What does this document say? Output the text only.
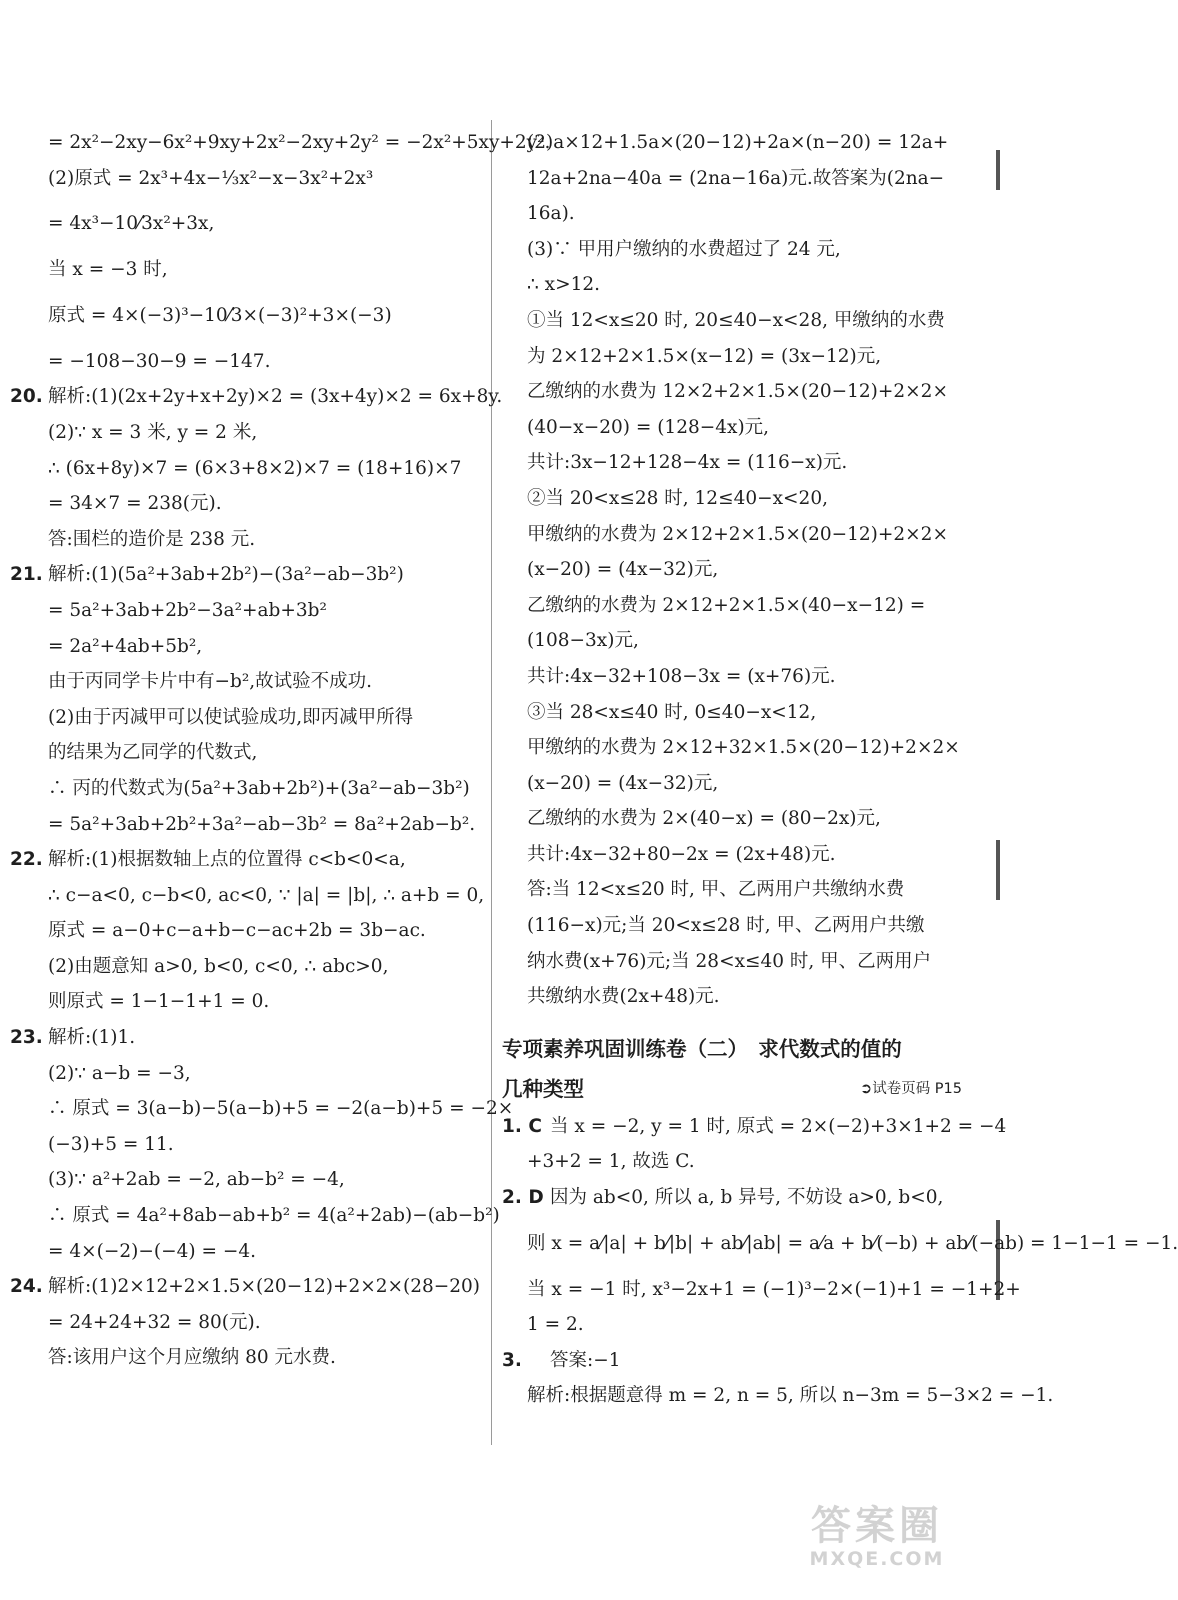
= 2x²−2xy−6x²+9xy+2x²−2xy+2y² = −2x²+5xy+2y².
(2)原式 = 2x³+4x−⅓x²−x−3x²+2x³
= 4x³−10⁄3x²+3x,
当 x = −3 时,
原式 = 4×(−3)³−10⁄3×(−3)²+3×(−3)
= −108−30−9 = −147.
20. 解析:(1)(2x+2y+x+2y)×2 = (3x+4y)×2 = 6x+8y.
(2)∵ x = 3 米, y = 2 米,
∴ (6x+8y)×7 = (6×3+8×2)×7 = (18+16)×7
= 34×7 = 238(元).
答:围栏的造价是 238 元.
21. 解析:(1)(5a²+3ab+2b²)−(3a²−ab−3b²)
= 5a²+3ab+2b²−3a²+ab+3b²
= 2a²+4ab+5b²,
由于丙同学卡片中有−b²,故试验不成功.
(2)由于丙减甲可以使试验成功,即丙减甲所得
的结果为乙同学的代数式,
∴ 丙的代数式为(5a²+3ab+2b²)+(3a²−ab−3b²)
= 5a²+3ab+2b²+3a²−ab−3b² = 8a²+2ab−b².
22. 解析:(1)根据数轴上点的位置得 c<b<0<a,
∴ c−a<0, c−b<0, ac<0, ∵ |a| = |b|, ∴ a+b = 0,
原式 = a−0+c−a+b−c−ac+2b = 3b−ac.
(2)由题意知 a>0, b<0, c<0, ∴ abc>0,
则原式 = 1−1−1+1 = 0.
23. 解析:(1)1.
(2)∵ a−b = −3,
∴ 原式 = 3(a−b)−5(a−b)+5 = −2(a−b)+5 = −2×
(−3)+5 = 11.
(3)∵ a²+2ab = −2, ab−b² = −4,
∴ 原式 = 4a²+8ab−ab+b² = 4(a²+2ab)−(ab−b²)
= 4×(−2)−(−4) = −4.
24. 解析:(1)2×12+2×1.5×(20−12)+2×2×(28−20)
= 24+24+32 = 80(元).
答:该用户这个月应缴纳 80 元水费.
(2)a×12+1.5a×(20−12)+2a×(n−20) = 12a+
12a+2na−40a = (2na−16a)元.故答案为(2na−
16a).
(3)∵ 甲用户缴纳的水费超过了 24 元,
∴ x>12.
①当 12<x≤20 时, 20≤40−x<28, 甲缴纳的水费
为 2×12+2×1.5×(x−12) = (3x−12)元,
乙缴纳的水费为 12×2+2×1.5×(20−12)+2×2×
(40−x−20) = (128−4x)元,
共计:3x−12+128−4x = (116−x)元.
②当 20<x≤28 时, 12≤40−x<20,
甲缴纳的水费为 2×12+2×1.5×(20−12)+2×2×
(x−20) = (4x−32)元,
乙缴纳的水费为 2×12+2×1.5×(40−x−12) =
(108−3x)元,
共计:4x−32+108−3x = (x+76)元.
③当 28<x≤40 时, 0≤40−x<12,
甲缴纳的水费为 2×12+32×1.5×(20−12)+2×2×
(x−20) = (4x−32)元,
乙缴纳的水费为 2×(40−x) = (80−2x)元,
共计:4x−32+80−2x = (2x+48)元.
答:当 12<x≤20 时, 甲、乙两用户共缴纳水费
(116−x)元;当 20<x≤28 时, 甲、乙两用户共缴
纳水费(x+76)元;当 28<x≤40 时, 甲、乙两用户
共缴纳水费(2x+48)元.
专项素养巩固训练卷（二）　求代数式的值的
几种类型	➲试卷页码 P15
1. C 当 x = −2, y = 1 时, 原式 = 2×(−2)+3×1+2 = −4
+3+2 = 1, 故选 C.
2. D 因为 ab<0, 所以 a, b 异号, 不妨设 a>0, b<0,
则 x = a⁄|a| + b⁄|b| + ab⁄|ab| = a⁄a + b⁄(−b) + ab⁄(−ab) = 1−1−1 = −1.
当 x = −1 时, x³−2x+1 = (−1)³−2×(−1)+1 = −1+2+
1 = 2.
3. 答案:−1
解析:根据题意得 m = 2, n = 5, 所以 n−3m = 5−3×2 = −1.
答案圈
MXQE.COM
